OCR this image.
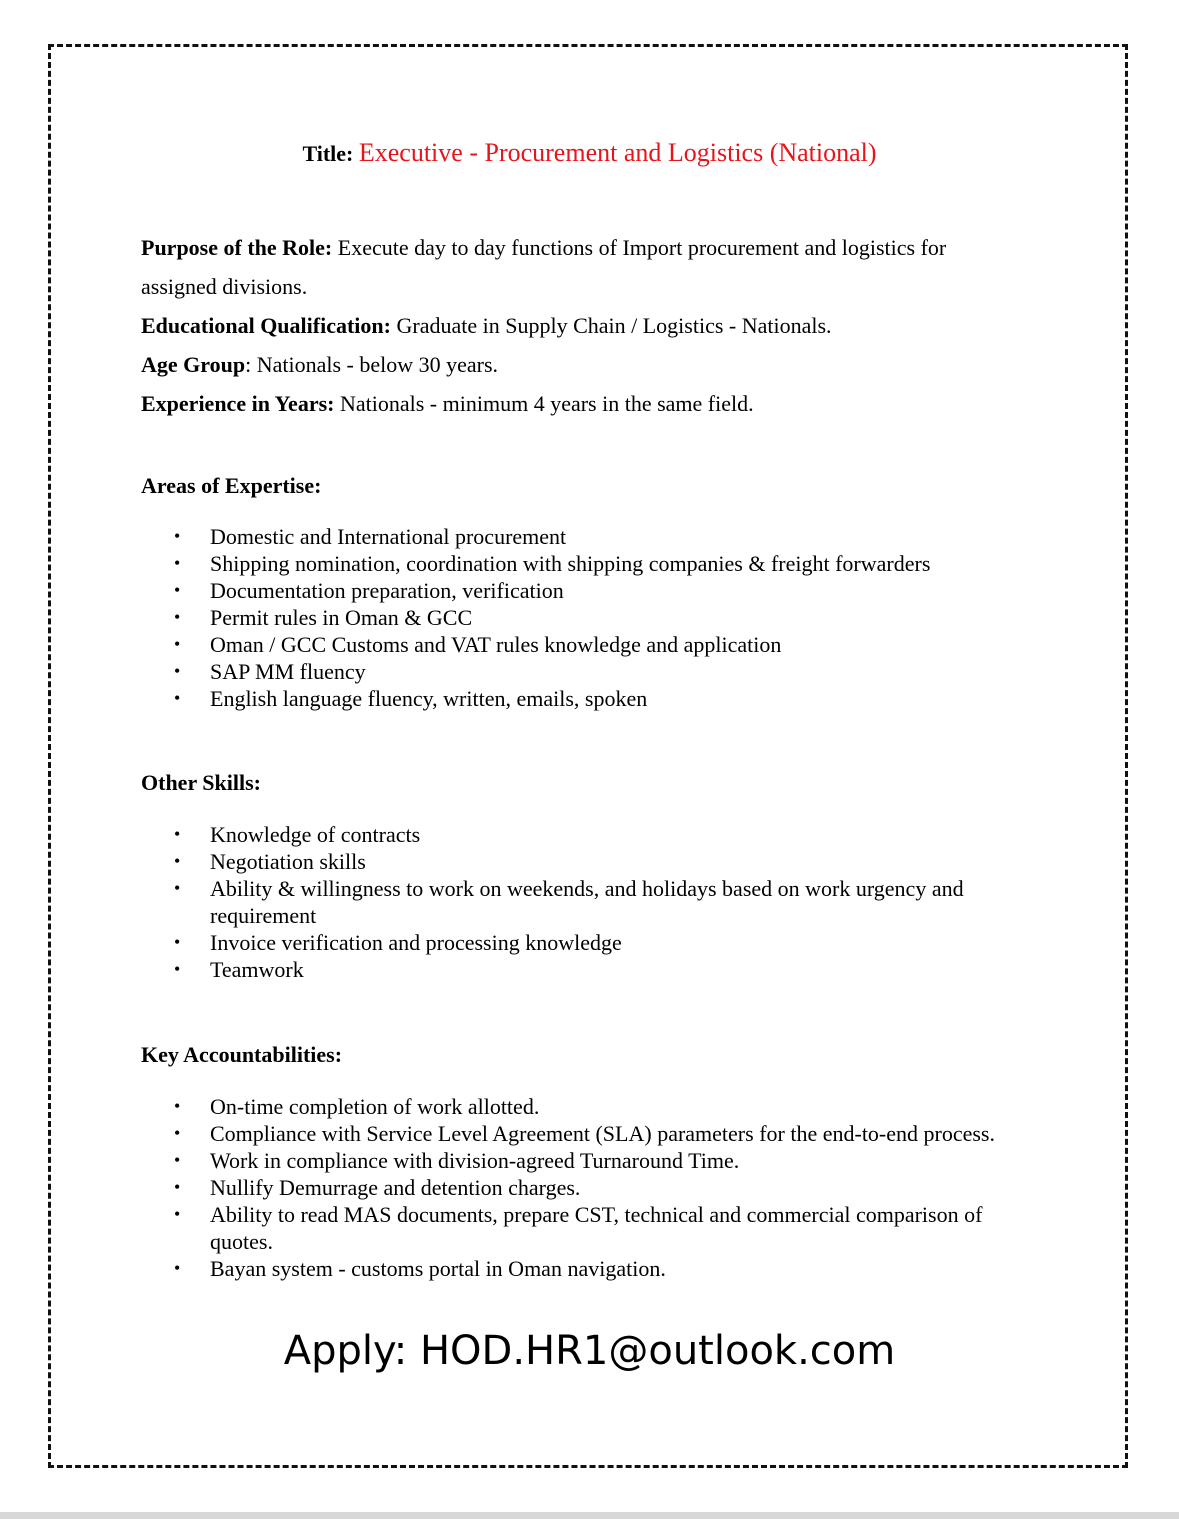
Title: Executive - Procurement and Logistics (National)

Purpose of the Role: Execute day to day functions of Import procurement and logistics for
assigned divisions.

Educational Qualification: Graduate in Supply Chain / Logistics - Nationals.

Age Group: Nationals - below 30 years.

Experience in Years: Nationals - minimum 4 years in the same field.

Areas of Expertise:

• Domestic and International procurement
• Shipping nomination, coordination with shipping companies & freight forwarders
• Documentation preparation, verification
• Permit rules in Oman & GCC
• Oman / GCC Customs and VAT rules knowledge and application
• SAP MM fluency
• English language fluency, written, emails, spoken

Other Skills:

• Knowledge of contracts
• Negotiation skills
• Ability & willingness to work on weekends, and holidays based on work urgency and requirement
• Invoice verification and processing knowledge
• Teamwork

Key Accountabilities:

• On-time completion of work allotted.
• Compliance with Service Level Agreement (SLA) parameters for the end-to-end process.
• Work in compliance with division-agreed Turnaround Time.
• Nullify Demurrage and detention charges.
• Ability to read MAS documents, prepare CST, technical and commercial comparison of quotes.
• Bayan system - customs portal in Oman navigation.
Apply: HOD.HR1@outlook.com
